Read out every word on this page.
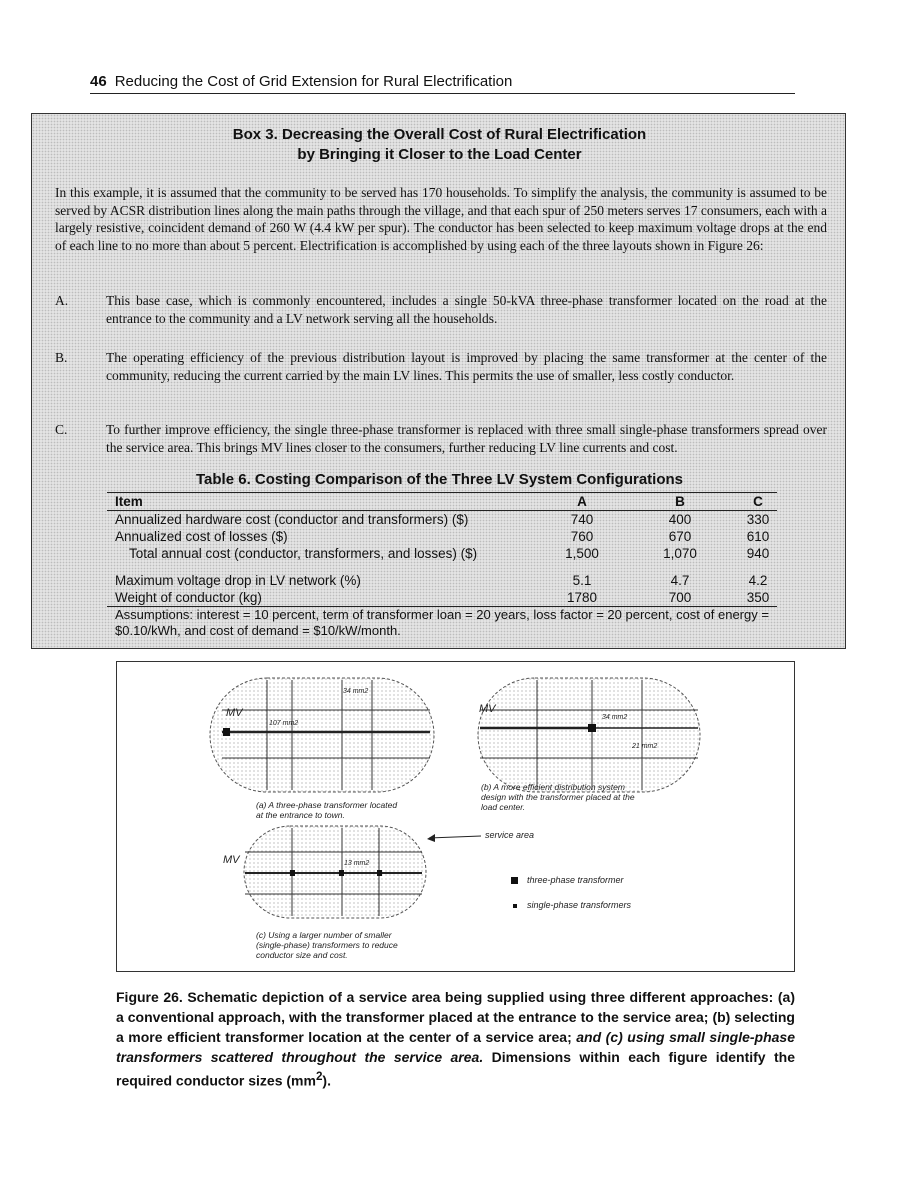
46 Reducing the Cost of Grid Extension for Rural Electrification
Box 3. Decreasing the Overall Cost of Rural Electrification
by Bringing it Closer to the Load Center
In this example, it is assumed that the community to be served has 170 households. To simplify the analysis, the community is assumed to be served by ACSR distribution lines along the main paths through the village, and that each spur of 250 meters serves 17 consumers, each with a largely resistive, coincident demand of 260 W (4.4 kW per spur). The conductor has been selected to keep maximum voltage drops at the end of each line to no more than about 5 percent. Electrification is accomplished by using each of the three layouts shown in Figure 26:
A.	This base case, which is commonly encountered, includes a single 50-kVA three-phase transformer located on the road at the entrance to the community and a LV network serving all the households.
B.	The operating efficiency of the previous distribution layout is improved by placing the same transformer at the center of the community, reducing the current carried by the main LV lines. This permits the use of smaller, less costly conductor.
C.	To further improve efficiency, the single three-phase transformer is replaced with three small single-phase transformers spread over the service area. This brings MV lines closer to the consumers, further reducing LV line currents and cost.
Table 6. Costing Comparison of the Three LV System Configurations
Item	A	B	C
Annualized hardware cost (conductor and transformers) ($)	740	400	330
Annualized cost of losses ($)	760	670	610
Total annual cost (conductor, transformers, and losses) ($)	1,500	1,070	940
Maximum voltage drop in LV network (%)	5.1	4.7	4.2
Weight of conductor (kg)	1780	700	350
Assumptions: interest = 10 percent, term of transformer loan = 20 years, loss factor = 20 percent, cost of energy = $0.10/kWh, and cost of demand = $10/kW/month.
MV
107 mm2
34 mm2
(a) A three-phase transformer located at the entrance to town.
MV
34 mm2
21 mm2
(b) A more efficient distribution system design with the transformer placed at the load center.
MV	13 mm2
(c) Using a larger number of smaller (single-phase) transformers to reduce conductor size and cost.
service area
three-phase transformer
single-phase transformers
Figure 26. Schematic depiction of a service area being supplied using three different approaches: (a) a conventional approach, with the transformer placed at the entrance to the service area; (b) selecting a more efficient transformer location at the center of a service area; and (c) using small single-phase transformers scattered throughout the service area. Dimensions within each figure identify the required conductor sizes $(mm^2)$.
